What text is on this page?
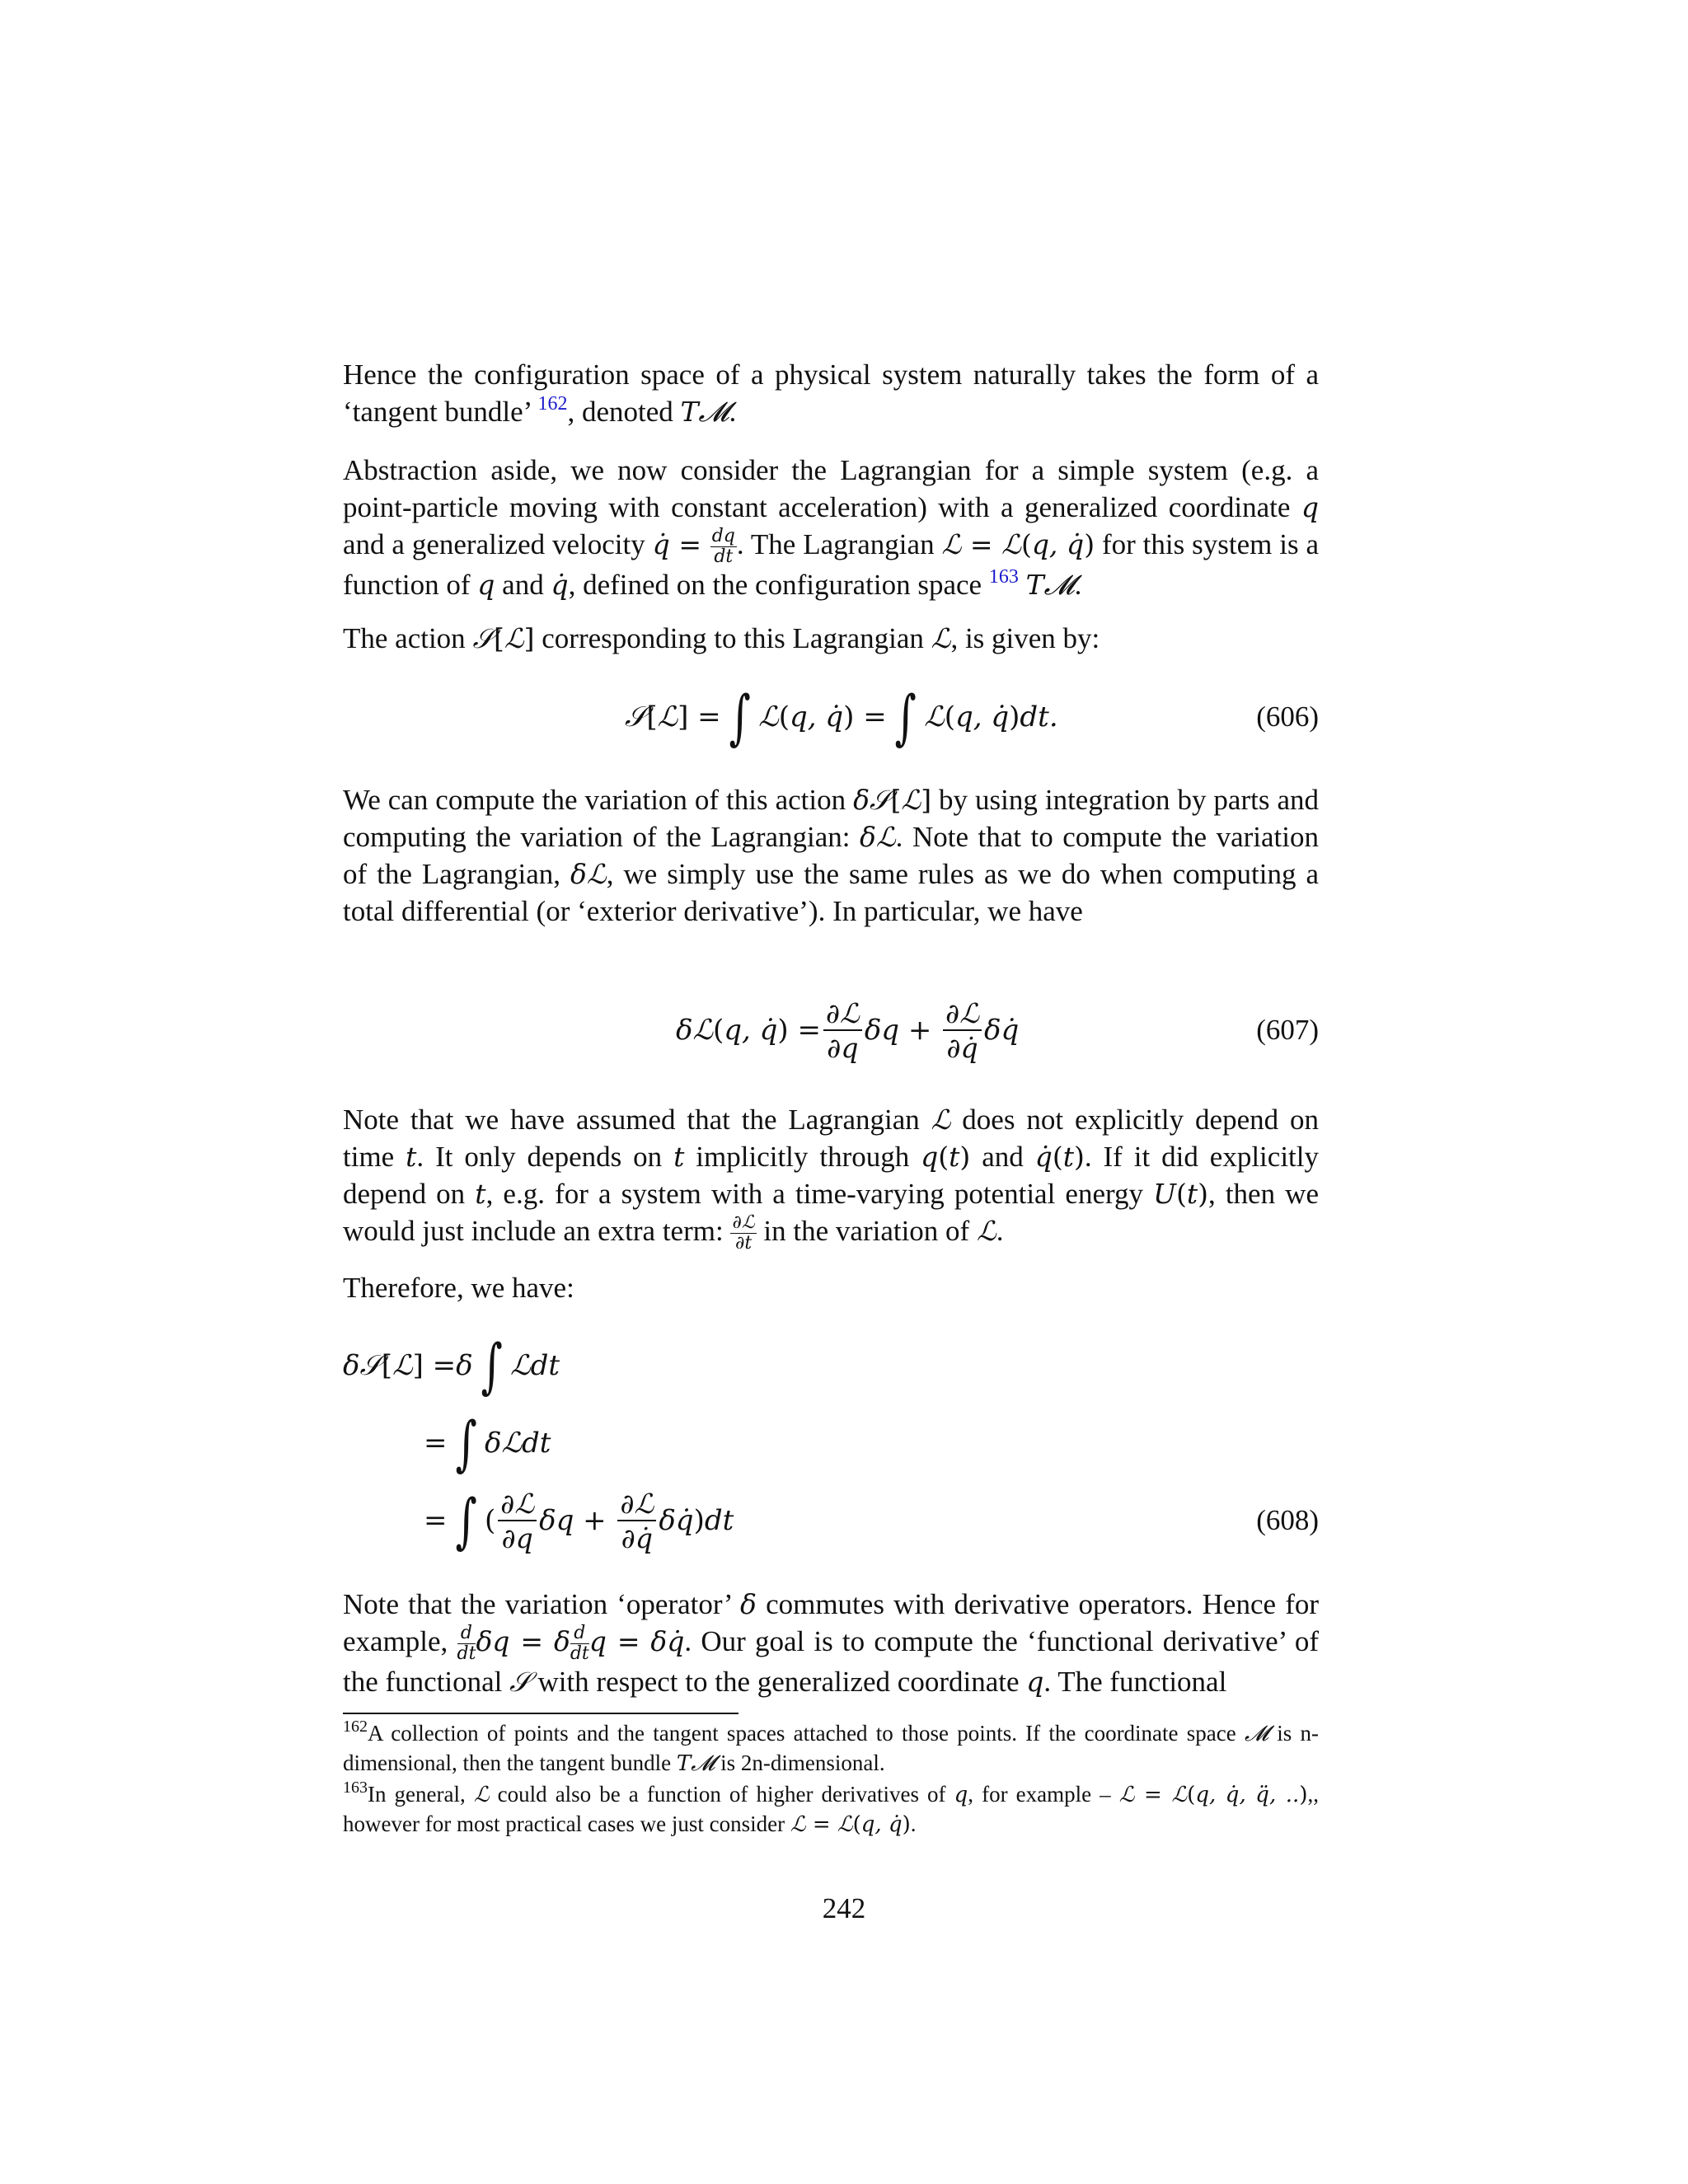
Hence the configuration space of a physical system naturally takes the form of a ‘tangent bundle’ $^{162}$, denoted T𝓜.
Abstraction aside, we now consider the Lagrangian for a simple system (e.g. a point-particle moving with constant acceleration) with a generalized coordinate q and a generalized velocity q̇ = $\frac{dq}{dt}$ . The Lagrangian ℒ = ℒ(q, q̇) for this system is a function of q and q̇, defined on the configuration space $^{163}$ T𝓜.
The action 𝒮[ℒ] corresponding to this Lagrangian ℒ, is given by:
𝒮 [ ℒ ]
= ∫ ℒ ( q, q̇ )
= ∫ ℒ ( q, q̇ ) dt.	(606)
We can compute the variation of this action δ𝒮[ℒ] by using integration by parts and computing the variation of the Lagrangian: δℒ. Note that to compute the variation of the Lagrangian, δℒ, we simply use the same rules as we do when computing a total differential (or ‘exterior derivative’). In particular, we have
δℒ ( q, q̇ )
= $\frac{\text{∂ℒ}}{\partial q}$ δq +
$\frac{\text{∂ℒ}}{\partial q̇}$ δq̇	(607)
Note that we have assumed that the Lagrangian ℒ does not explicitly depend on time t. It only depends on t implicitly through q(t) and q̇(t). If it did explicitly depend on t, e.g. for a system with a time-varying potential energy U(t), then we would just include an extra term: $\frac{\text{∂ℒ}}{\partial t}$ in the variation of ℒ.
Therefore, we have:
δ𝒮 [ ℒ ]
= δ ∫ ℒdt
= ∫ δℒdt
= ∫ ( $\frac{\text{∂ℒ}}{\partial q}$ δq +
$\frac{\text{∂ℒ}}{\partial q̇}$ δq̇ ) dt	(608)
Note that the variation ‘operator’ δ commutes with derivative operators. Hence for example, $\frac{d}{dt}$ δq = δ $\frac{d}{dt}$ q = δq̇. Our goal is to compute the ‘functional derivative’ of the functional 𝒮 with respect to the generalized coordinate q. The functional
$^{162}$A collection of points and the tangent spaces attached to those points. If the coordinate space 𝓜 is n-dimensional, then the tangent bundle T𝓜 is 2n-dimensional.
$^{163}$In general, ℒ could also be a function of higher derivatives of q, for example – ℒ = ℒ(q, q̇, q̈, ..),, however for most practical cases we just consider ℒ = ℒ(q, q̇).
242
